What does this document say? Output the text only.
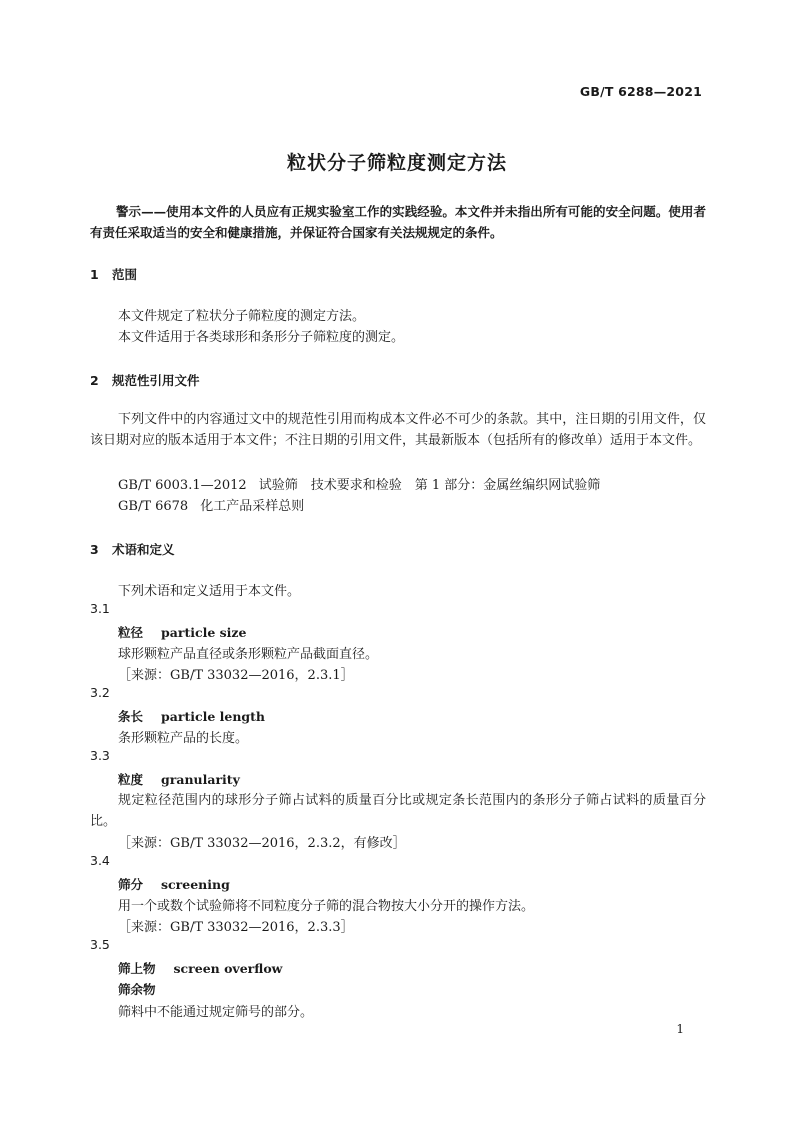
GB/T 6288—2021
粒状分子筛粒度测定方法
警示——使用本文件的人员应有正规实验室工作的实践经验。本文件并未指出所有可能的安全问题。使用者有责任采取适当的安全和健康措施，并保证符合国家有关法规规定的条件。
1 范围
本文件规定了粒状分子筛粒度的测定方法。
本文件适用于各类球形和条形分子筛粒度的测定。
2 规范性引用文件
下列文件中的内容通过文中的规范性引用而构成本文件必不可少的条款。其中，注日期的引用文件，仅该日期对应的版本适用于本文件；不注日期的引用文件，其最新版本（包括所有的修改单）适用于本文件。
GB/T 6003.1—2012 试验筛　技术要求和检验　第 1 部分：金属丝编织网试验筛
GB/T 6678 化工产品采样总则
3 术语和定义
下列术语和定义适用于本文件。
3.1
粒径 particle size
球形颗粒产品直径或条形颗粒产品截面直径。
［来源：GB/T 33032—2016，2.3.1］
3.2
条长 particle length
条形颗粒产品的长度。
3.3
粒度 granularity
规定粒径范围内的球形分子筛占试料的质量百分比或规定条长范围内的条形分子筛占试料的质量百分比。
［来源：GB/T 33032—2016，2.3.2，有修改］
3.4
筛分 screening
用一个或数个试验筛将不同粒度分子筛的混合物按大小分开的操作方法。
［来源：GB/T 33032—2016，2.3.3］
3.5
筛上物 screen overflow
筛余物
筛料中不能通过规定筛号的部分。
1
